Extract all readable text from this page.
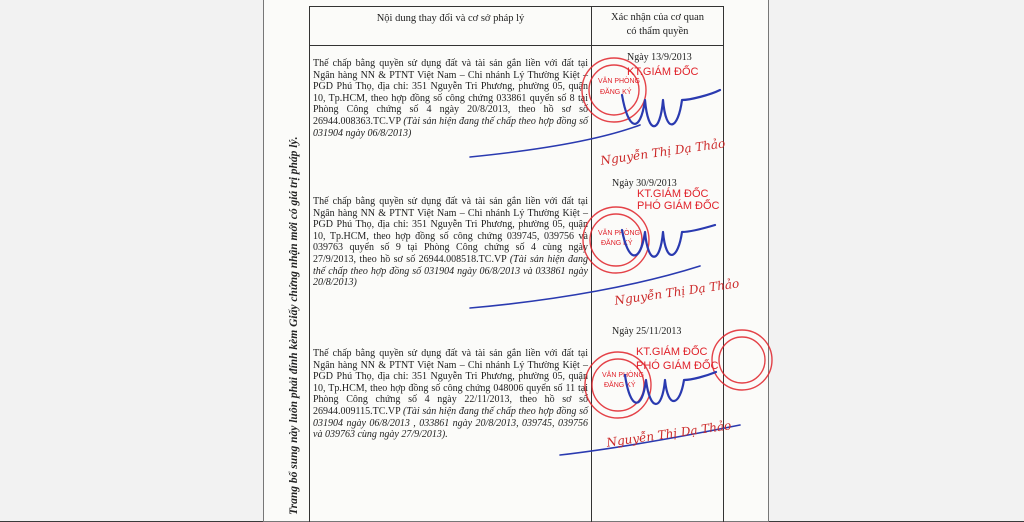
Trang bổ sung này luôn phải đính kèm Giấy chứng nhận mới có giá trị pháp lý.
Nội dung thay đổi và cơ sở pháp lý	Xác nhận của cơ quan
có thẩm quyền
Thế chấp bằng quyền sử dụng đất và tài sản gắn liền với đất tại Ngân hàng NN & PTNT Việt Nam – Chi nhánh Lý Thường Kiệt – PGD Phú Thọ, địa chỉ: 351 Nguyễn Tri Phương, phường 05, quận 10, Tp.HCM, theo hợp đồng số công chứng 033861 quyển số 8 tại Phòng Công chứng số 4 ngày 20/8/2013, theo hồ sơ số 26944.008363.TC.VP (Tài sản hiện đang thế chấp theo hợp đồng số 031904 ngày 06/8/2013)
Thế chấp bằng quyền sử dụng đất và tài sản gắn liền với đất tại Ngân hàng NN & PTNT Việt Nam – Chi nhánh Lý Thường Kiệt – PGD Phú Thọ, địa chỉ: 351 Nguyễn Tri Phương, phường 05, quận 10, Tp.HCM, theo hợp đồng số công chứng 039745, 039756 và 039763 quyển số 9 tại Phòng Công chứng số 4 cùng ngày 27/9/2013, theo hồ sơ số 26944.008518.TC.VP (Tài sản hiện đang thế chấp theo hợp đồng số 031904 ngày 06/8/2013 và 033861 ngày 20/8/2013)
Thế chấp bằng quyền sử dụng đất và tài sản gắn liền với đất tại Ngân hàng NN & PTNT Việt Nam – Chi nhánh Lý Thường Kiệt – PGD Phú Thọ, địa chỉ: 351 Nguyễn Tri Phương, phường 05, quận 10, Tp.HCM, theo hợp đồng số công chứng 048006 quyển số 11 tại Phòng Công chứng số 4 ngày 22/11/2013, theo hồ sơ số 26944.009115.TC.VP (Tài sản hiện đang thế chấp theo hợp đồng số 031904 ngày 06/8/2013 , 033861 ngày 20/8/2013, 039745, 039756 và 039763 cùng ngày 27/9/2013).
Ngày 13/9/2013
Ngày 30/9/2013
Ngày 25/11/2013
VĂN PHÒNG
ĐĂNG KÝ
VĂN PHÒNG
ĐĂNG KÝ
VĂN PHÒNG
ĐĂNG KÝ
KT.GIÁM ĐỐC
KT.GIÁM ĐỐC
PHÓ GIÁM ĐỐC
KT.GIÁM ĐỐC
PHÓ GIÁM ĐỐC
Nguyễn Thị Dạ Thảo
Nguyễn Thị Dạ Thảo
Nguyễn Thị Dạ Thảo
